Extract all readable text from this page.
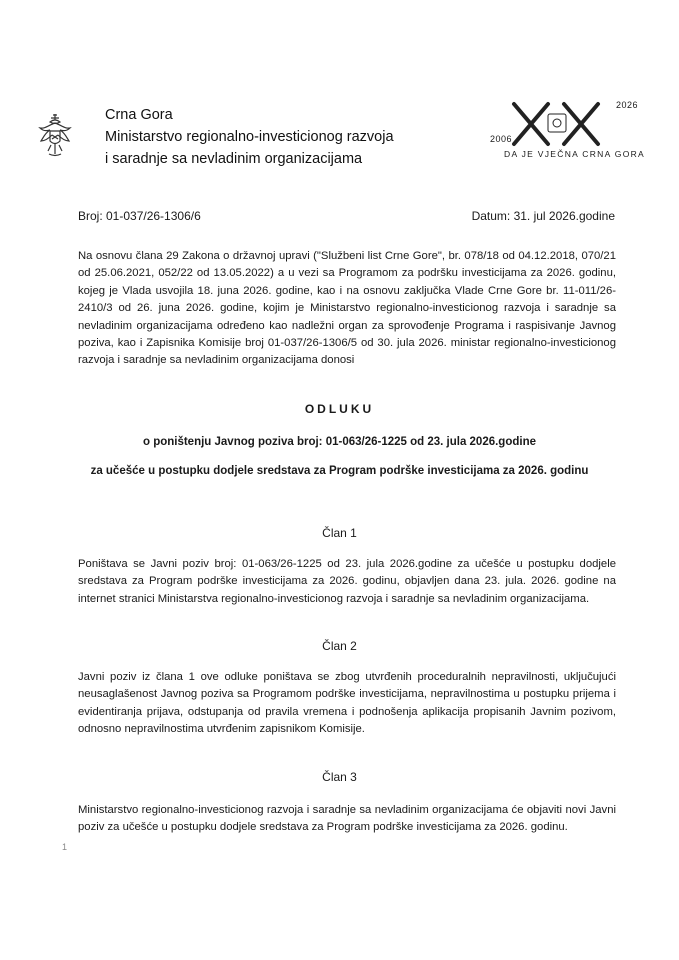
Crna Gora
Ministarstvo regionalno-investicionog razvoja
i saradnje sa nevladinim organizacijama
2006
2026
DA JE VJEČNA CRNA GORA
Broj: 01-037/26-1306/6	Datum: 31. jul 2026.godine
Na osnovu člana 29 Zakona o državnoj upravi ("Službeni list Crne Gore", br. 078/18 od 04.12.2018, 070/21 od 25.06.2021, 052/22 od 13.05.2022) a u vezi sa Programom za podršku investicijama za 2026. godinu, kojeg je Vlada usvojila 18. juna 2026. godine, kao i na osnovu zaključka Vlade Crne Gore br. 11-011/26-2410/3 od 26. juna 2026. godine, kojim je Ministarstvo regionalno-investicionog razvoja i saradnje sa nevladinim organizacijama određeno kao nadležni organ za sprovođenje Programa i raspisivanje Javnog poziva, kao i Zapisnika Komisije broj 01-037/26-1306/5 od 30. jula 2026. ministar regionalno-investicionog razvoja i saradnje sa nevladinim organizacijama donosi
ODLUKU
o poništenju Javnog poziva broj: 01-063/26-1225 od 23. jula 2026.godine
za učešće u postupku dodjele sredstava za Program podrške investicijama za 2026. godinu
Član 1
Poništava se Javni poziv broj: 01-063/26-1225 od 23. jula 2026.godine za učešće u postupku dodjele sredstava za Program podrške investicijama za 2026. godinu, objavljen dana 23. jula. 2026. godine na internet stranici Ministarstva regionalno-investicionog razvoja i saradnje sa nevladinim organizacijama.
Član 2
Javni poziv iz člana 1 ove odluke poništava se zbog utvrđenih proceduralnih nepravilnosti, uključujući neusaglašenost Javnog poziva sa Programom podrške investicijama, nepravilnostima u postupku prijema i evidentiranja prijava, odstupanja od pravila vremena i podnošenja aplikacija propisanih Javnim pozivom, odnosno nepravilnostima utvrđenim zapisnikom Komisije.
Član 3
Ministarstvo regionalno-investicionog razvoja i saradnje sa nevladinim organizacijama će objaviti novi Javni poziv za učešće u postupku dodjele sredstava za Program podrške investicijama za 2026. godinu.
1
